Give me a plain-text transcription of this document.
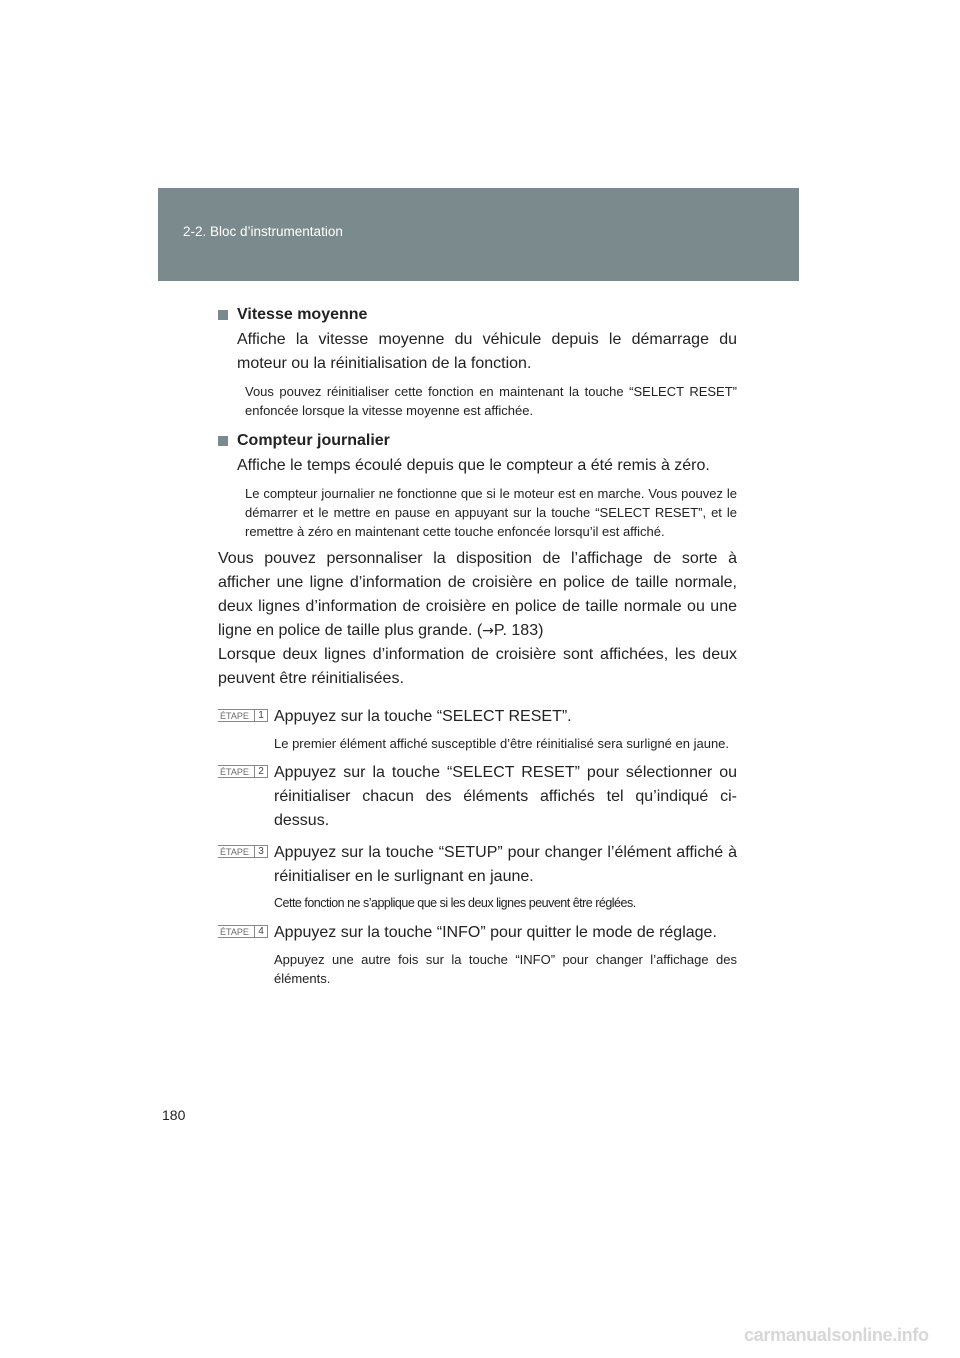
2-2. Bloc d’instrumentation
Vitesse moyenne
Affiche la vitesse moyenne du véhicule depuis le démarrage du moteur ou la réinitialisation de la fonction.
Vous pouvez réinitialiser cette fonction en maintenant la touche “SELECT RESET” enfoncée lorsque la vitesse moyenne est affichée.
Compteur journalier
Affiche le temps écoulé depuis que le compteur a été remis à zéro.
Le compteur journalier ne fonctionne que si le moteur est en marche. Vous pouvez le démarrer et le mettre en pause en appuyant sur la touche “SELECT RESET”, et le remettre à zéro en maintenant cette touche enfoncée lorsqu’il est affiché.
Vous pouvez personnaliser la disposition de l’affichage de sorte à afficher une ligne d’information de croisière en police de taille normale, deux lignes d’information de croisière en police de taille normale ou une ligne en police de taille plus grande. (→P. 183)
Lorsque deux lignes d’information de croisière sont affichées, les deux peuvent être réinitialisées.
ÉTAPE 1 Appuyez sur la touche “SELECT RESET”.
Le premier élément affiché susceptible d’être réinitialisé sera surligné en jaune.
ÉTAPE 2 Appuyez sur la touche “SELECT RESET” pour sélectionner ou réinitialiser chacun des éléments affichés tel qu’indiqué ci-dessus.
ÉTAPE 3 Appuyez sur la touche “SETUP” pour changer l’élément affiché à réinitialiser en le surlignant en jaune.
Cette fonction ne s’applique que si les deux lignes peuvent être réglées.
ÉTAPE 4 Appuyez sur la touche “INFO” pour quitter le mode de réglage.
Appuyez une autre fois sur la touche “INFO” pour changer l’affichage des éléments.
180
carmanualsonline.info
